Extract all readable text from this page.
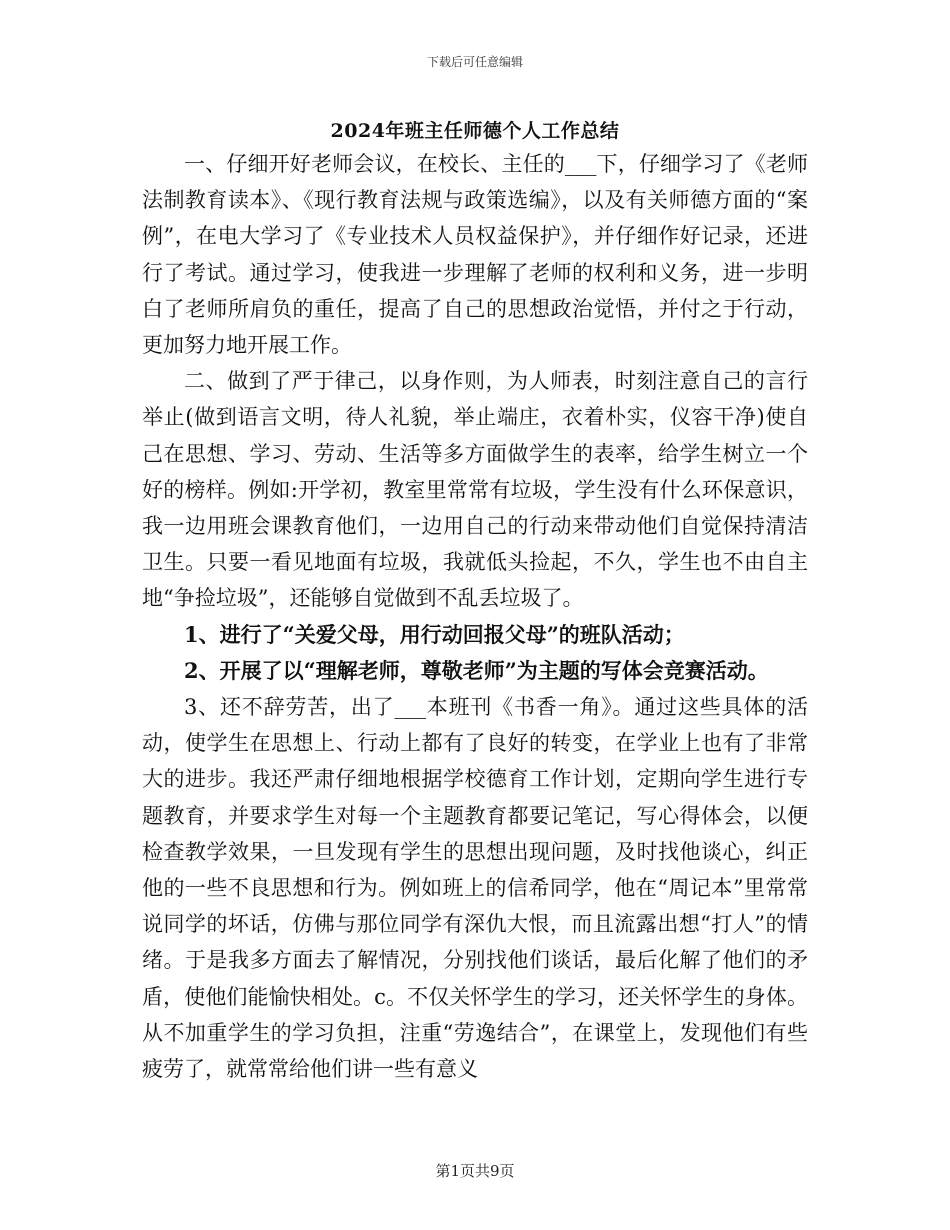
下载后可任意编辑
2024年班主任师德个人工作总结

一、仔细开好老师会议，在校长、主任的___下，仔细学习了《老师法制教育读本》、《现行教育法规与政策选编》，以及有关师德方面的“案例”，在电大学习了《专业技术人员权益保护》，并仔细作好记录，还进行了考试。通过学习，使我进一步理解了老师的权利和义务，进一步明白了老师所肩负的重任，提高了自己的思想政治觉悟，并付之于行动，更加努力地开展工作。

二、做到了严于律己，以身作则，为人师表，时刻注意自己的言行举止(做到语言文明，待人礼貌，举止端庄，衣着朴实，仪容干净)使自己在思想、学习、劳动、生活等多方面做学生的表率，给学生树立一个好的榜样。例如:开学初，教室里常常有垃圾，学生没有什么环保意识，我一边用班会课教育他们，一边用自己的行动来带动他们自觉保持清洁卫生。只要一看见地面有垃圾，我就低头捡起，不久，学生也不由自主地“争捡垃圾”，还能够自觉做到不乱丢垃圾了。

1、进行了“关爱父母，用行动回报父母”的班队活动；

2、开展了以“理解老师，尊敬老师”为主题的写体会竞赛活动。

3、还不辞劳苦，出了___本班刊《书香一角》。通过这些具体的活动，使学生在思想上、行动上都有了良好的转变，在学业上也有了非常大的进步。我还严肃仔细地根据学校德育工作计划，定期向学生进行专题教育，并要求学生对每一个主题教育都要记笔记，写心得体会，以便检查教学效果，一旦发现有学生的思想出现问题，及时找他谈心，纠正他的一些不良思想和行为。例如班上的信希同学，他在“周记本”里常常说同学的坏话，仿佛与那位同学有深仇大恨，而且流露出想“打人”的情绪。于是我多方面去了解情况，分别找他们谈话，最后化解了他们的矛盾，使他们能愉快相处。c。不仅关怀学生的学习，还关怀学生的身体。从不加重学生的学习负担，注重“劳逸结合”，在课堂上，发现他们有些疲劳了，就常常给他们讲一些有意义

第1页共9页
